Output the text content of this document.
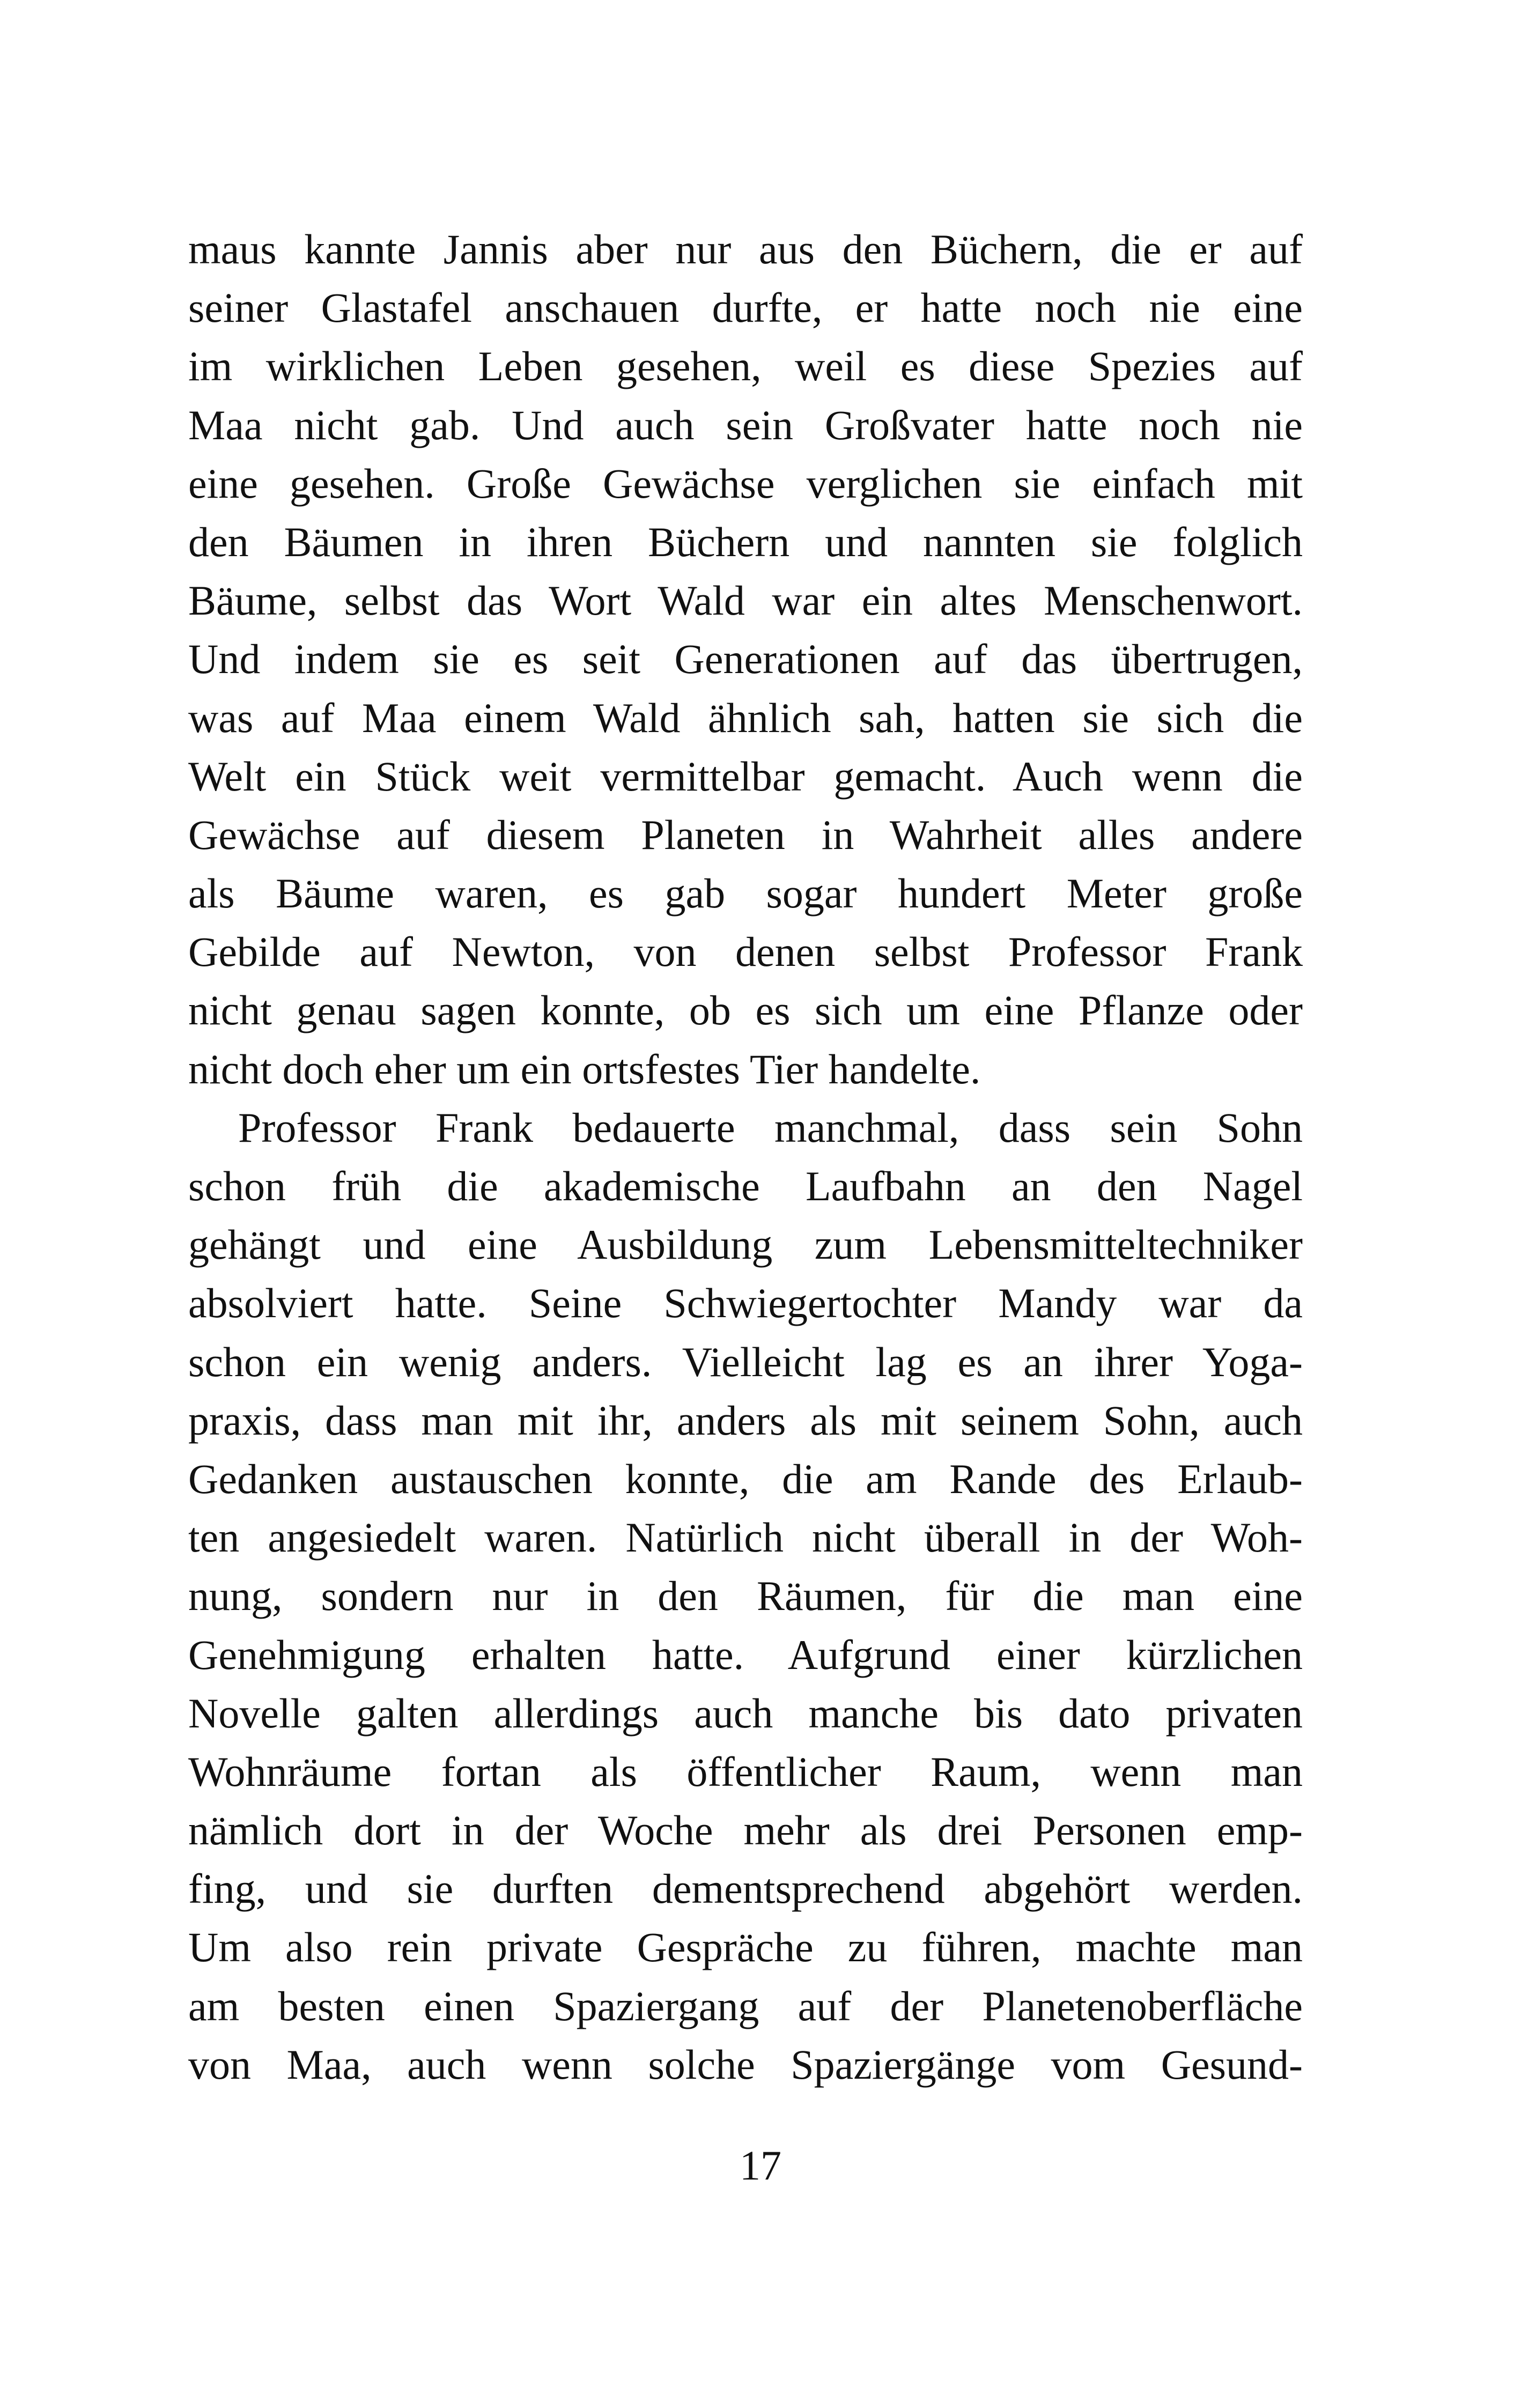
maus kannte Jannis aber nur aus den Büchern, die er auf
seiner Glastafel anschauen durfte, er hatte noch nie eine
im wirklichen Leben gesehen, weil es diese Spezies auf
Maa nicht gab. Und auch sein Großvater hatte noch nie
eine gesehen. Große Gewächse verglichen sie einfach mit
den Bäumen in ihren Büchern und nannten sie folglich
Bäume, selbst das Wort Wald war ein altes Menschenwort.
Und indem sie es seit Generationen auf das übertrugen,
was auf Maa einem Wald ähnlich sah, hatten sie sich die
Welt ein Stück weit vermittelbar gemacht. Auch wenn die
Gewächse auf diesem Planeten in Wahrheit alles andere
als Bäume waren, es gab sogar hundert Meter große
Gebilde auf Newton, von denen selbst Professor Frank
nicht genau sagen konnte, ob es sich um eine Pflanze oder
nicht doch eher um ein ortsfestes Tier handelte.
Professor Frank bedauerte manchmal, dass sein Sohn
schon früh die akademische Laufbahn an den Nagel
gehängt und eine Ausbildung zum Lebensmitteltechniker
absolviert hatte. Seine Schwiegertochter Mandy war da
schon ein wenig anders. Vielleicht lag es an ihrer Yoga-
praxis, dass man mit ihr, anders als mit seinem Sohn, auch
Gedanken austauschen konnte, die am Rande des Erlaub-
ten angesiedelt waren. Natürlich nicht überall in der Woh-
nung, sondern nur in den Räumen, für die man eine
Genehmigung erhalten hatte. Aufgrund einer kürzlichen
Novelle galten allerdings auch manche bis dato privaten
Wohnräume fortan als öffentlicher Raum, wenn man
nämlich dort in der Woche mehr als drei Personen emp-
fing, und sie durften dementsprechend abgehört werden.
Um also rein private Gespräche zu führen, machte man
am besten einen Spaziergang auf der Planetenoberfläche
von Maa, auch wenn solche Spaziergänge vom Gesund-
17
